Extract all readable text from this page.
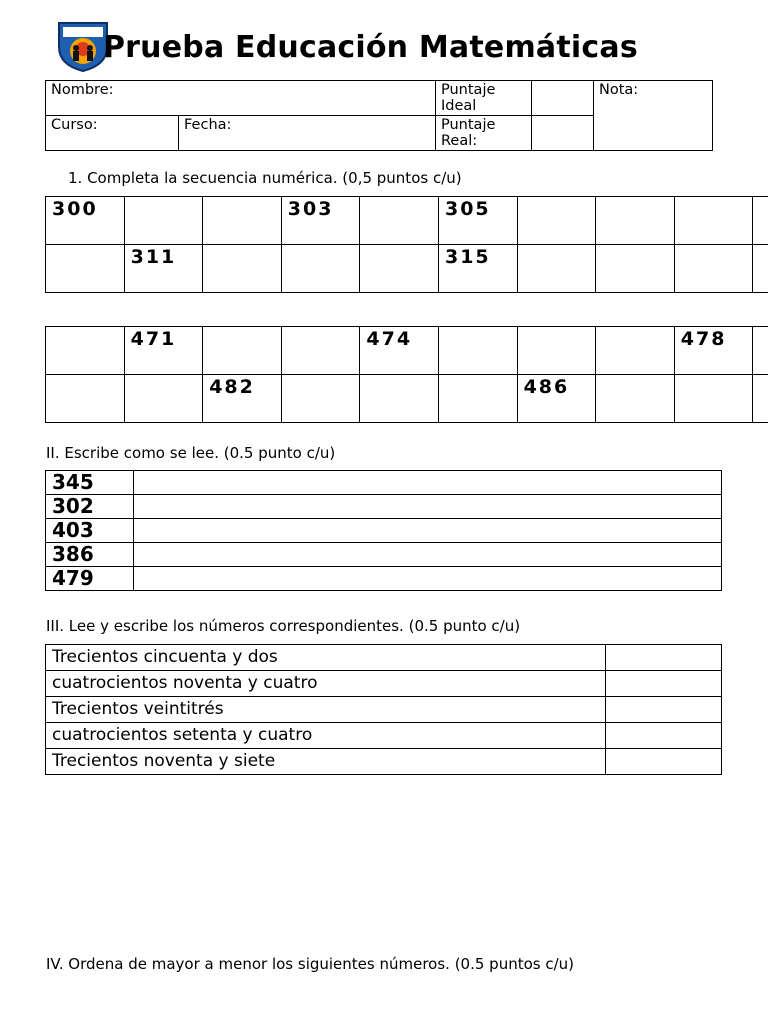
Prueba Educación Matemáticas
Nombre:		Puntaje Ideal		Nota:
Curso:	Fecha:	Puntaje Real:		
1. Completa la secuencia numérica. (0,5 puntos c/u)
300			303		305				
	311				315				
	471			474				478	
		482				486			
II. Escribe como se lee. (0.5 punto c/u)
345	
302	
403	
386	
479	
III. Lee y escribe los números correspondientes. (0.5 punto c/u)
Trecientos cincuenta y dos	
cuatrocientos noventa y cuatro	
Trecientos veintitrés	
cuatrocientos setenta y cuatro	
Trecientos noventa y siete	
IV. Ordena de mayor a menor los siguientes números. (0.5 puntos c/u)
